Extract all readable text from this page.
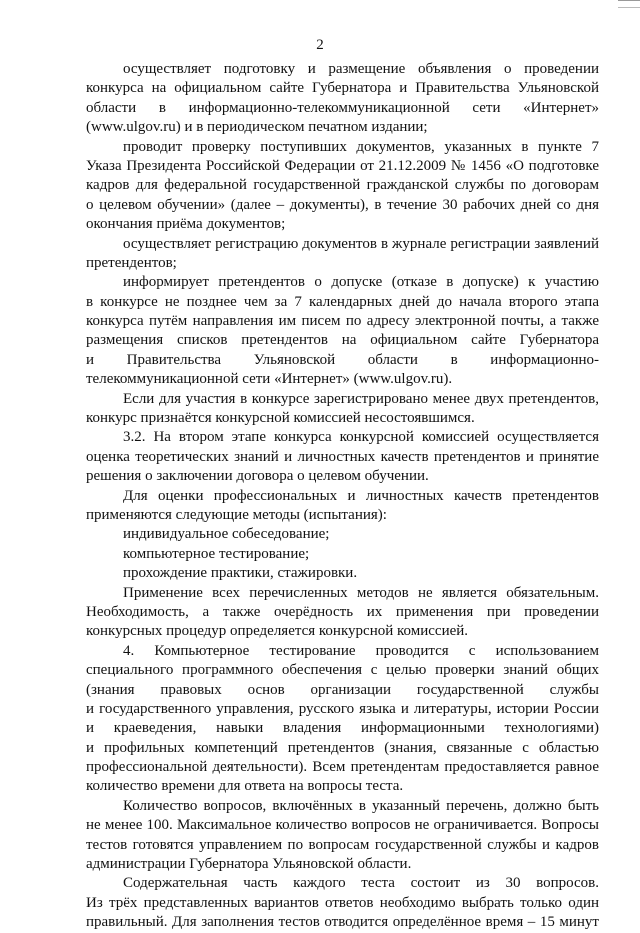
2
осуществляет подготовку и размещение объявления о проведении
конкурса на официальном сайте Губернатора и Правительства Ульяновской
области в информационно-телекоммуникационной сети «Интернет»
(www.ulgov.ru) и в периодическом печатном издании;
проводит проверку поступивших документов, указанных в пункте 7
Указа Президента Российской Федерации от 21.12.2009 № 1456 «О подготовке
кадров для федеральной государственной гражданской службы по договорам
о целевом обучении» (далее – документы), в течение 30 рабочих дней со дня
окончания приёма документов;
осуществляет регистрацию документов в журнале регистрации заявлений
претендентов;
информирует претендентов о допуске (отказе в допуске) к участию
в конкурсе не позднее чем за 7 календарных дней до начала второго этапа
конкурса путём направления им писем по адресу электронной почты, а также
размещения списков претендентов на официальном сайте Губернатора
и Правительства Ульяновской области в информационно-
телекоммуникационной сети «Интернет» (www.ulgov.ru).
Если для участия в конкурсе зарегистрировано менее двух претендентов,
конкурс признаётся конкурсной комиссией несостоявшимся.
3.2. На втором этапе конкурса конкурсной комиссией осуществляется
оценка теоретических знаний и личностных качеств претендентов и принятие
решения о заключении договора о целевом обучении.
Для оценки профессиональных и личностных качеств претендентов
применяются следующие методы (испытания):
индивидуальное собеседование;
компьютерное тестирование;
прохождение практики, стажировки.
Применение всех перечисленных методов не является обязательным.
Необходимость, а также очерёдность их применения при проведении
конкурсных процедур определяется конкурсной комиссией.
4. Компьютерное тестирование проводится с использованием
специального программного обеспечения с целью проверки знаний общих
(знания правовых основ организации государственной службы
и государственного управления, русского языка и литературы, истории России
и краеведения, навыки владения информационными технологиями)
и профильных компетенций претендентов (знания, связанные с областью
профессиональной деятельности). Всем претендентам предоставляется равное
количество времени для ответа на вопросы теста.
Количество вопросов, включённых в указанный перечень, должно быть
не менее 100. Максимальное количество вопросов не ограничивается. Вопросы
тестов готовятся управлением по вопросам государственной службы и кадров
администрации Губернатора Ульяновской области.
Содержательная часть каждого теста состоит из 30 вопросов.
Из трёх представленных вариантов ответов необходимо выбрать только один
правильный. Для заполнения тестов отводится определённое время – 15 минут
